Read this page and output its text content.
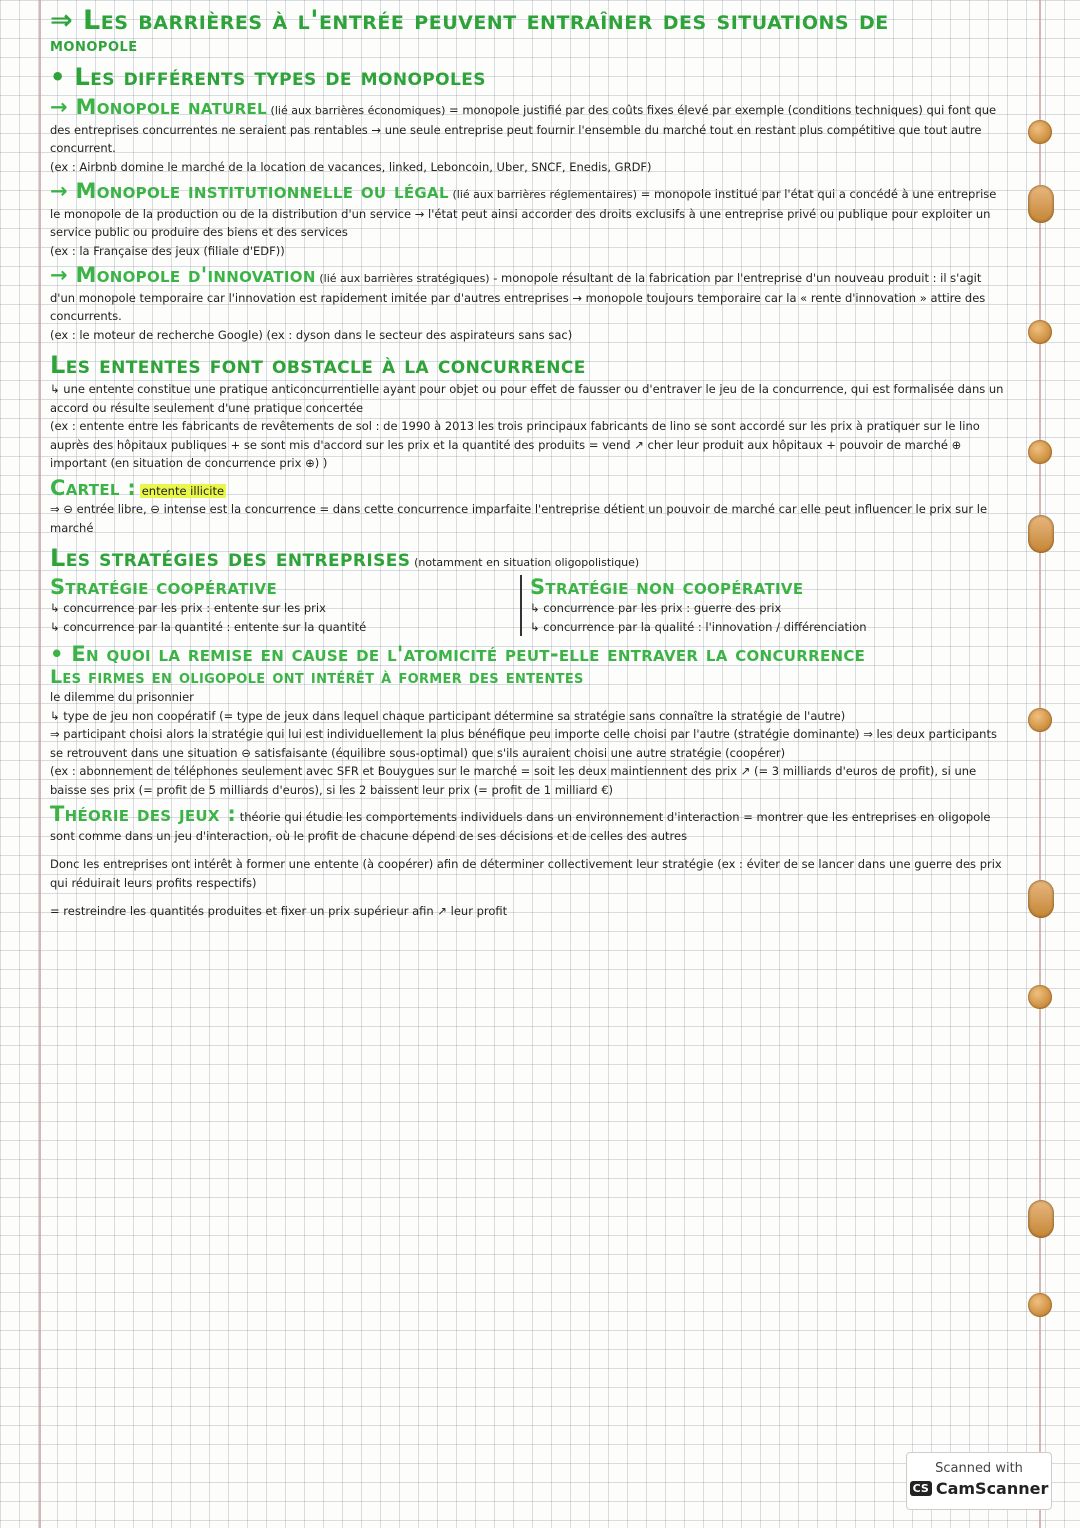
⇒ Les barrières à l'entrée peuvent entraîner des situations de

monopole

• Les différents types de monopoles

→ Monopole naturel (lié aux barrières économiques) = monopole justifié par des coûts fixes élevé par exemple (conditions techniques) qui font que des entreprises concurrentes ne seraient pas rentables → une seule entreprise peut fournir l'ensemble du marché tout en restant plus compétitive que tout autre concurrent.

(ex : Airbnb domine le marché de la location de vacances, linked, Leboncoin, Uber, SNCF, Enedis, GRDF)

→ Monopole institutionnelle ou légal (lié aux barrières réglementaires) = monopole institué par l'état qui a concédé à une entreprise le monopole de la production ou de la distribution d'un service → l'état peut ainsi accorder des droits exclusifs à une entreprise privé ou publique pour exploiter un service public ou produire des biens et des services

(ex : la Française des jeux (filiale d'EDF))

→ Monopole d'innovation (lié aux barrières stratégiques) - monopole résultant de la fabrication par l'entreprise d'un nouveau produit : il s'agit d'un monopole temporaire car l'innovation est rapidement imitée par d'autres entreprises → monopole toujours temporaire car la « rente d'innovation » attire des concurrents.

(ex : le moteur de recherche Google) (ex : dyson dans le secteur des aspirateurs sans sac)

Les ententes font obstacle à la concurrence

↳ une entente constitue une pratique anticoncurrentielle ayant pour objet ou pour effet de fausser ou d'entraver le jeu de la concurrence, qui est formalisée dans un accord ou résulte seulement d'une pratique concertée

(ex : entente entre les fabricants de revêtements de sol : de 1990 à 2013 les trois principaux fabricants de lino se sont accordé sur les prix à pratiquer sur le lino auprès des hôpitaux publiques + se sont mis d'accord sur les prix et la quantité des produits = vend ↗ cher leur produit aux hôpitaux + pouvoir de marché ⊕ important (en situation de concurrence prix ⊕) )

Cartel : entente illicite

⇒ ⊖ entrée libre, ⊖ intense est la concurrence = dans cette concurrence imparfaite l'entreprise détient un pouvoir de marché car elle peut influencer le prix sur le marché

Les stratégies des entreprises (notamment en situation oligopolistique)

Stratégie coopérative

↳ concurrence par les prix : entente sur les prix

↳ concurrence par la quantité : entente sur la quantité

Stratégie non coopérative

↳ concurrence par les prix : guerre des prix

↳ concurrence par la qualité : l'innovation / différenciation

• En quoi la remise en cause de l'atomicité peut-elle entraver la concurrence

Les firmes en oligopole ont intérêt à former des ententes

le dilemme du prisonnier

↳ type de jeu non coopératif (= type de jeux dans lequel chaque participant détermine sa stratégie sans connaître la stratégie de l'autre)

⇒ participant choisi alors la stratégie qui lui est individuellement la plus bénéfique peu importe celle choisi par l'autre (stratégie dominante) ⇒ les deux participants se retrouvent dans une situation ⊖ satisfaisante (équilibre sous-optimal) que s'ils auraient choisi une autre stratégie (coopérer)

(ex : abonnement de téléphones seulement avec SFR et Bouygues sur le marché = soit les deux maintiennent des prix ↗ (= 3 milliards d'euros de profit), si une baisse ses prix (= profit de 5 milliards d'euros), si les 2 baissent leur prix (= profit de 1 milliard €)

Théorie des jeux : théorie qui étudie les comportements individuels dans un environnement d'interaction = montrer que les entreprises en oligopole sont comme dans un jeu d'interaction, où le profit de chacune dépend de ses décisions et de celles des autres

Donc les entreprises ont intérêt à former une entente (à coopérer) afin de déterminer collectivement leur stratégie (ex : éviter de se lancer dans une guerre des prix qui réduirait leurs profits respectifs)

= restreindre les quantités produites et fixer un prix supérieur afin ↗ leur profit

Scanned with
CS CamScanner
